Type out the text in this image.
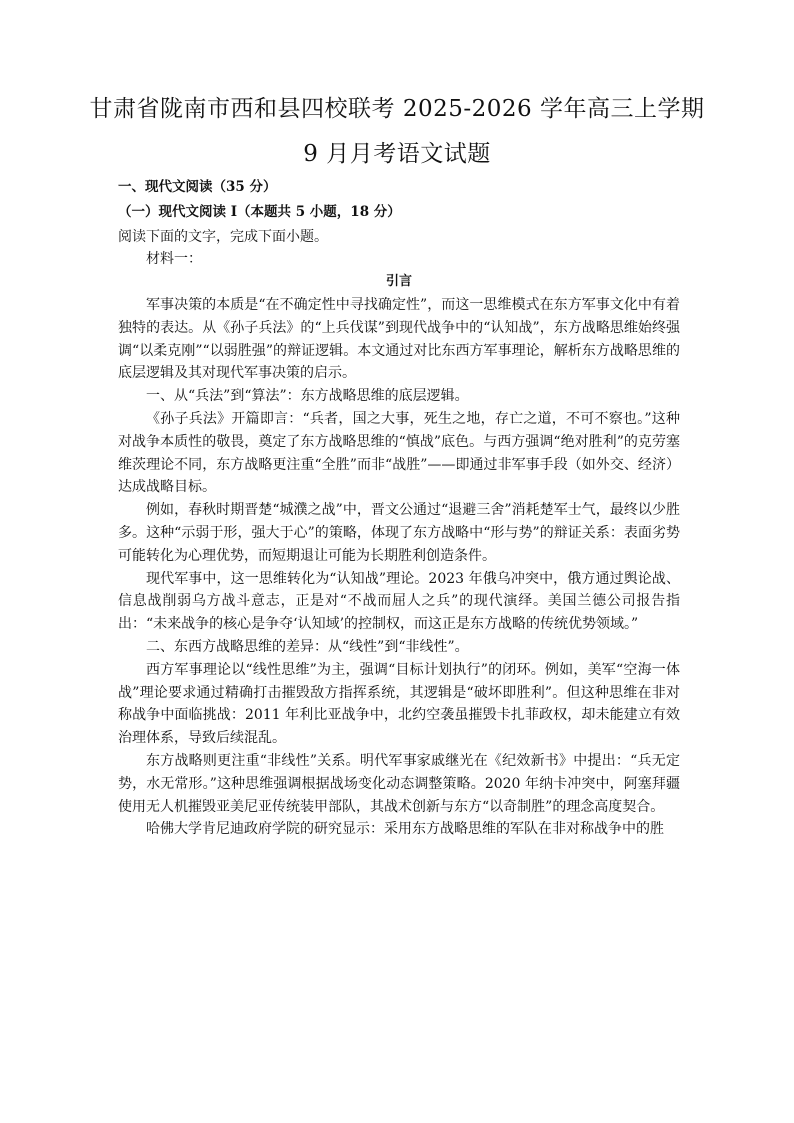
甘肃省陇南市西和县四校联考 2025-2026 学年高三上学期
9 月月考语文试题

一、现代文阅读（35 分）

（一）现代文阅读 I（本题共 5 小题，18 分）

阅读下面的文字，完成下面小题。

材料一：

引言

军事决策的本质是“在不确定性中寻找确定性”，而这一思维模式在东方军事文化中有着独特的表达。从《孙子兵法》的“上兵伐谋”到现代战争中的“认知战”，东方战略思维始终强调“以柔克刚”“以弱胜强”的辩证逻辑。本文通过对比东西方军事理论，解析东方战略思维的底层逻辑及其对现代军事决策的启示。

一、从“兵法”到“算法”：东方战略思维的底层逻辑。

《孙子兵法》开篇即言：“兵者，国之大事，死生之地，存亡之道，不可不察也。”这种对战争本质性的敬畏，奠定了东方战略思维的“慎战”底色。与西方强调“绝对胜利”的克劳塞维茨理论不同，东方战略更注重“全胜”而非“战胜”——即通过非军事手段（如外交、经济）达成战略目标。

例如，春秋时期晋楚“城濮之战”中，晋文公通过“退避三舍”消耗楚军士气，最终以少胜多。这种“示弱于形，强大于心”的策略，体现了东方战略中“形与势”的辩证关系：表面劣势可能转化为心理优势，而短期退让可能为长期胜利创造条件。

现代军事中，这一思维转化为“认知战”理论。2023 年俄乌冲突中，俄方通过舆论战、信息战削弱乌方战斗意志，正是对“不战而屈人之兵”的现代演绎。美国兰德公司报告指出：“未来战争的核心是争夺‘认知域’的控制权，而这正是东方战略的传统优势领域。”

二、东西方战略思维的差异：从“线性”到“非线性”。

西方军事理论以“线性思维”为主，强调“目标计划执行”的闭环。例如，美军“空海一体战”理论要求通过精确打击摧毁敌方指挥系统，其逻辑是“破坏即胜利”。但这种思维在非对称战争中面临挑战：2011 年利比亚战争中，北约空袭虽摧毁卡扎菲政权，却未能建立有效治理体系，导致后续混乱。

东方战略则更注重“非线性”关系。明代军事家戚继光在《纪效新书》中提出：“兵无定势，水无常形。”这种思维强调根据战场变化动态调整策略。2020 年纳卡冲突中，阿塞拜疆使用无人机摧毁亚美尼亚传统装甲部队，其战术创新与东方“以奇制胜”的理念高度契合。

哈佛大学肯尼迪政府学院的研究显示：采用东方战略思维的军队在非对称战争中的胜
